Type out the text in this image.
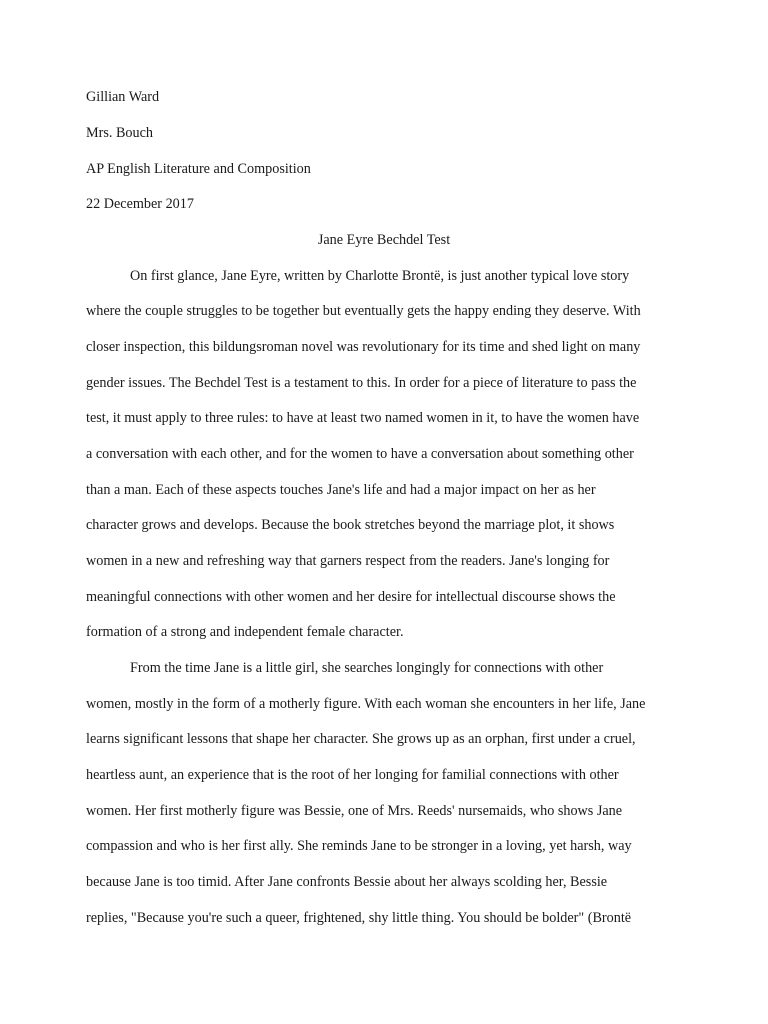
Gillian Ward
Mrs. Bouch
AP English Literature and Composition
22 December 2017
Jane Eyre Bechdel Test
On first glance, Jane Eyre, written by Charlotte Brontë, is just another typical love story
where the couple struggles to be together but eventually gets the happy ending they deserve. With
closer inspection, this bildungsroman novel was revolutionary for its time and shed light on many
gender issues. The Bechdel Test is a testament to this. In order for a piece of literature to pass the
test, it must apply to three rules: to have at least two named women in it, to have the women have
a conversation with each other, and for the women to have a conversation about something other
than a man. Each of these aspects touches Jane's life and had a major impact on her as her
character grows and develops. Because the book stretches beyond the marriage plot, it shows
women in a new and refreshing way that garners respect from the readers. Jane's longing for
meaningful connections with other women and her desire for intellectual discourse shows the
formation of a strong and independent female character.
From the time Jane is a little girl, she searches longingly for connections with other
women, mostly in the form of a motherly figure. With each woman she encounters in her life, Jane
learns significant lessons that shape her character. She grows up as an orphan, first under a cruel,
heartless aunt, an experience that is the root of her longing for familial connections with other
women. Her first motherly figure was Bessie, one of Mrs. Reeds' nursemaids, who shows Jane
compassion and who is her first ally. She reminds Jane to be stronger in a loving, yet harsh, way
because Jane is too timid. After Jane confronts Bessie about her always scolding her, Bessie
replies, "Because you're such a queer, frightened, shy little thing. You should be bolder" (Brontë
